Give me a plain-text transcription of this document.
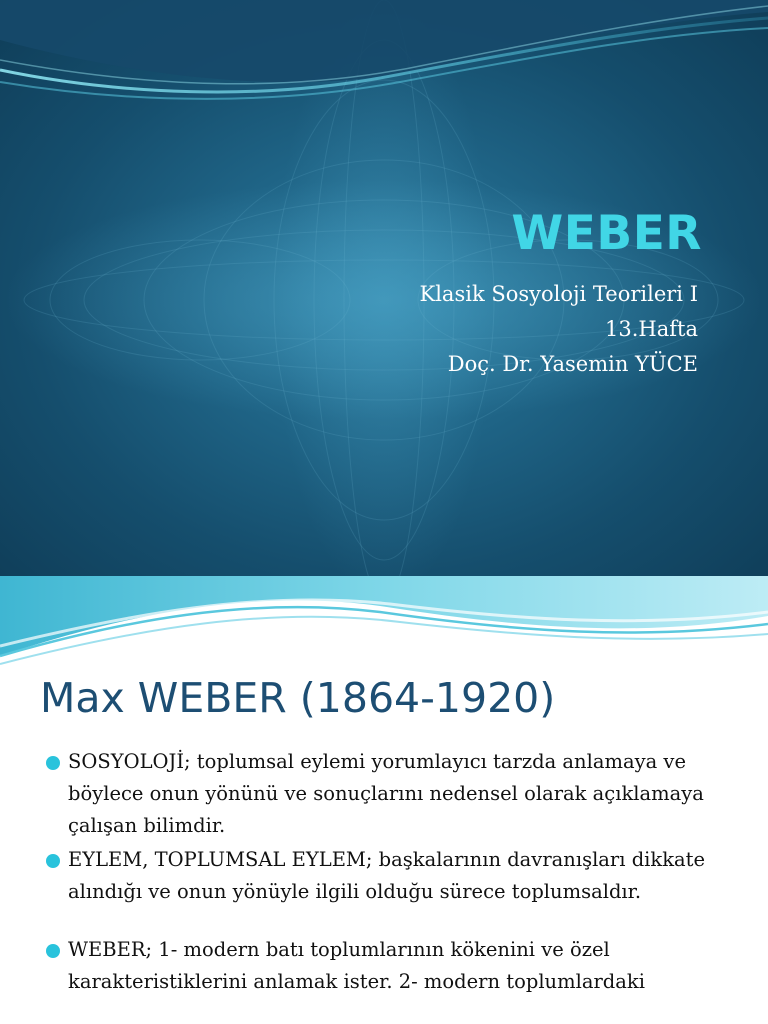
WEBER
Klasik Sosyoloji Teorileri I
13.Hafta
Doç. Dr. Yasemin YÜCE
Max WEBER (1864-1920)
SOSYOLOJİ; toplumsal eylemi yorumlayıcı tarzda anlamaya ve böylece onun yönünü ve sonuçlarını nedensel olarak açıklamaya çalışan bilimdir.
EYLEM, TOPLUMSAL EYLEM; başkalarının davranışları dikkate alındığı ve onun yönüyle ilgili olduğu sürece toplumsaldır.
WEBER; 1- modern batı toplumlarının kökenini ve özel karakteristiklerini anlamak ister. 2- modern toplumlardaki
